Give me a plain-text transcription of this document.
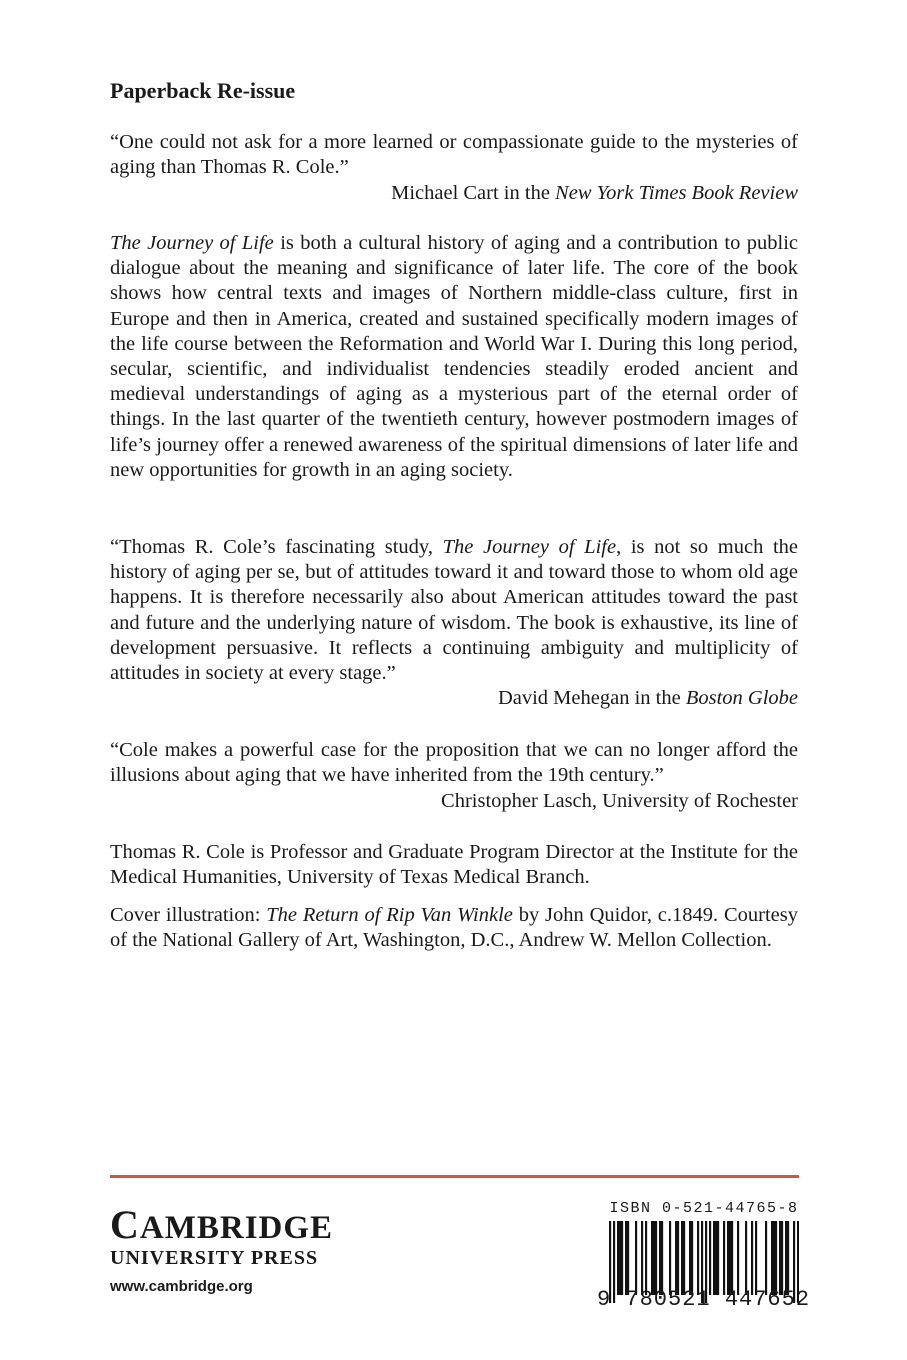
Paperback Re-issue
“One could not ask for a more learned or compassionate guide to the mysteries of aging than Thomas R. Cole.”
Michael Cart in the New York Times Book Review
The Journey of Life is both a cultural history of aging and a contribution to public dialogue about the meaning and significance of later life. The core of the book shows how central texts and images of Northern middle-class culture, first in Europe and then in America, created and sustained specifically modern images of the life course between the Reformation and World War I. During this long period, secular, scientific, and individualist tendencies steadily eroded ancient and medieval understandings of aging as a mysterious part of the eternal order of things. In the last quarter of the twentieth century, however postmodern images of life’s journey offer a renewed awareness of the spiritual dimensions of later life and new opportunities for growth in an aging society.
“Thomas R. Cole’s fascinating study, The Journey of Life, is not so much the history of aging per se, but of attitudes toward it and toward those to whom old age happens. It is therefore necessarily also about American attitudes toward the past and future and the underlying nature of wisdom. The book is exhaustive, its line of development persuasive. It reflects a continuing ambiguity and multiplicity of attitudes in society at every stage.”
David Mehegan in the Boston Globe
“Cole makes a powerful case for the proposition that we can no longer afford the illusions about aging that we have inherited from the 19th century.”
Christopher Lasch, University of Rochester
Thomas R. Cole is Professor and Graduate Program Director at the Institute for the Medical Humanities, University of Texas Medical Branch.
Cover illustration: The Return of Rip Van Winkle by John Quidor, c.1849. Courtesy of the National Gallery of Art, Washington, D.C., Andrew W. Mellon Collection.
CAMBRIDGE
UNIVERSITY PRESS
www.cambridge.org
ISBN 0-521-44765-8
9 780521 447652
